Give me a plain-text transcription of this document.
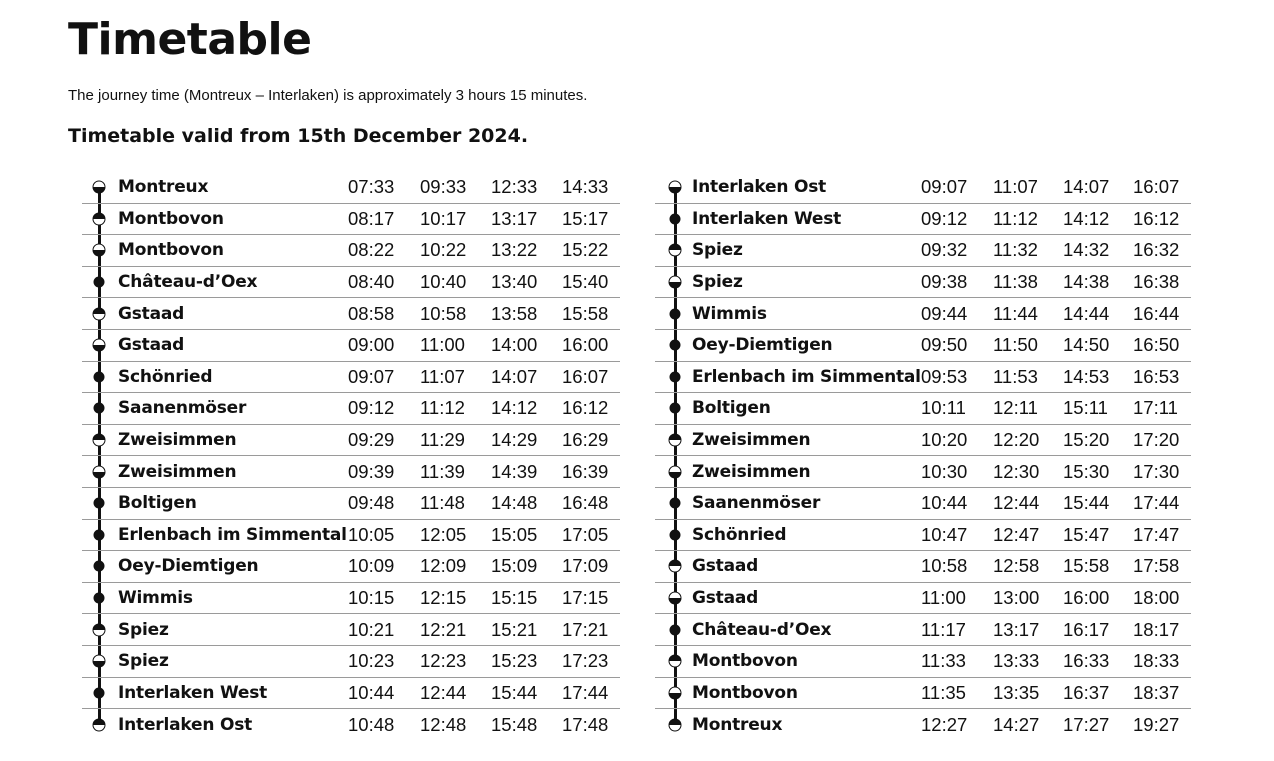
Timetable

The journey time (Montreux – Interlaken) is approximately 3 hours 15 minutes.

Timetable valid from 15th December 2024.
Montreux	07:33 09:33 12:33 14:33
Montbovon	08:17 10:17 13:17 15:17
Montbovon	08:22 10:22 13:22 15:22
Château-d’Oex	08:40 10:40 13:40 15:40
Gstaad	08:58 10:58 13:58 15:58
Gstaad	09:00 11:00 14:00 16:00
Schönried	09:07 11:07 14:07 16:07
Saanenmöser	09:12 11:12 14:12 16:12
Zweisimmen	09:29 11:29 14:29 16:29
Zweisimmen	09:39 11:39 14:39 16:39
Boltigen	09:48 11:48 14:48 16:48
Erlenbach im Simmental 10:05 12:05 15:05 17:05
Oey-Diemtigen	10:09 12:09 15:09 17:09
Wimmis	10:15 12:15 15:15 17:15
Spiez	10:21 12:21 15:21 17:21
Spiez	10:23 12:23 15:23 17:23
Interlaken West	10:44 12:44 15:44 17:44
Interlaken Ost	10:48 12:48 15:48 17:48
Interlaken Ost	09:07 11:07 14:07 16:07
Interlaken West	09:12 11:12 14:12 16:12
Spiez	09:32 11:32 14:32 16:32
Spiez	09:38 11:38 14:38 16:38
Wimmis	09:44 11:44 14:44 16:44
Oey-Diemtigen	09:50 11:50 14:50 16:50
Erlenbach im Simmental 09:53 11:53 14:53 16:53
Boltigen	10:11 12:11 15:11 17:11
Zweisimmen	10:20 12:20 15:20 17:20
Zweisimmen	10:30 12:30 15:30 17:30
Saanenmöser	10:44 12:44 15:44 17:44
Schönried	10:47 12:47 15:47 17:47
Gstaad	10:58 12:58 15:58 17:58
Gstaad	11:00 13:00 16:00 18:00
Château-d’Oex	11:17 13:17 16:17 18:17
Montbovon	11:33 13:33 16:33 18:33
Montbovon	11:35 13:35 16:37 18:37
Montreux	12:27 14:27 17:27 19:27
